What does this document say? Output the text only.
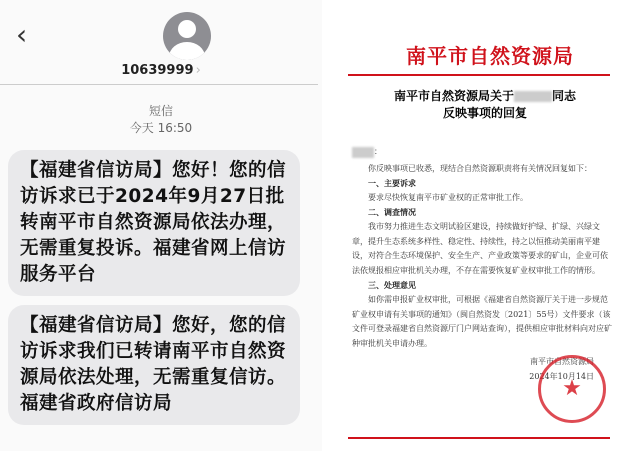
‹
10639999 ›
短信
今天 16:50
【福建省信访局】您好！您的信访诉求已于2024年9月27日批转南平市自然资源局依法办理，无需重复投诉。福建省网上信访服务平台
【福建省信访局】您好，您的信访诉求我们已转请南平市自然资源局依法处理，无需重复信访。福建省政府信访局
南平市自然资源局
南平市自然资源局关于	同志
反映事项的回复
：

你反映事项已收悉，现结合自然资源职责将有关情况回复如下：

一、主要诉求

要求尽快恢复南平市矿业权的正常审批工作。

二、调查情况

我市努力推进生态文明试验区建设，持续做好护绿、扩绿、兴绿文章，提升生态系统多样性、稳定性、持续性，持之以恒推动美丽南平建设，对符合生态环境保护、安全生产、产业政策等要求的矿山，企业可依法依规报相应审批机关办理，不存在需要恢复矿业权审批工作的情形。

三、处理意见

如你需申报矿业权审批，可根据《福建省自然资源厅关于进一步规范矿业权申请有关事项的通知》（闽自然资发〔2021〕55号）文件要求（该文件可登录福建省自然资源厅门户网站查询），提供相应审批材料向对应矿种审批机关申请办理。

南平市自然资源局

2024年10月14日

★
